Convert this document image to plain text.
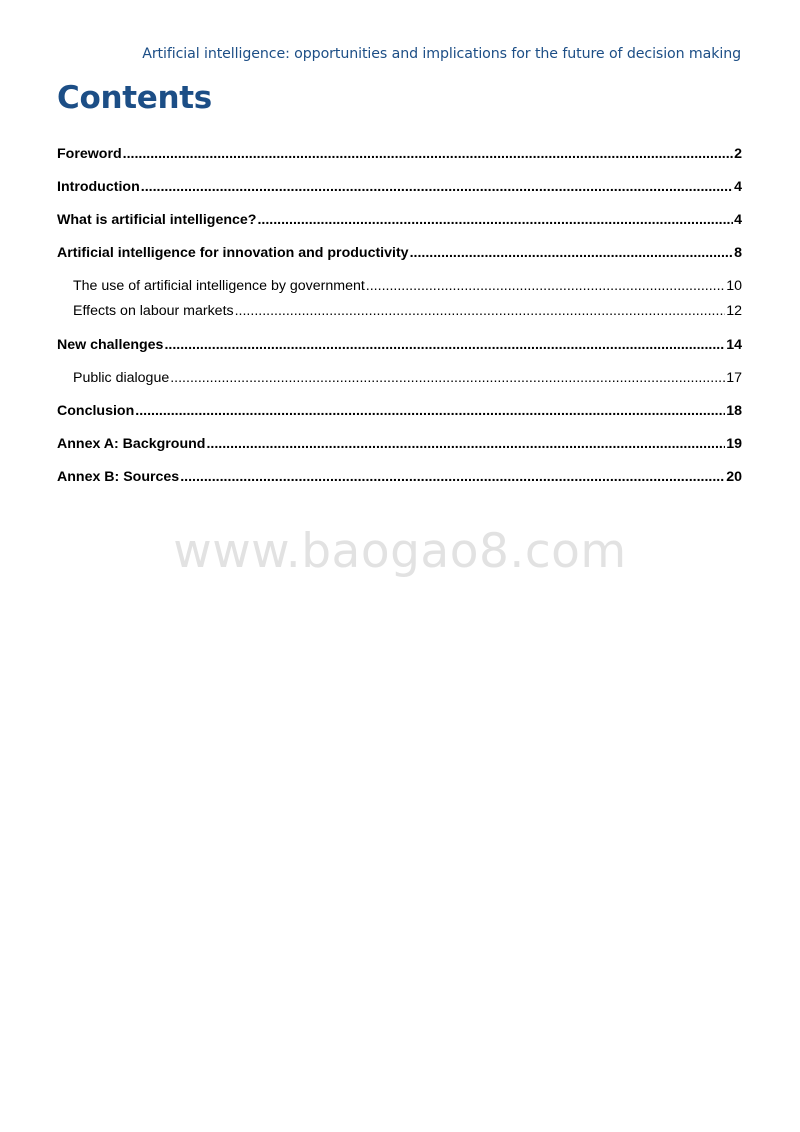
Artificial intelligence: opportunities and implications for the future of decision making
Contents
Foreword .....	2
Introduction .....	4
What is artificial intelligence? .....	4
Artificial intelligence for innovation and productivity .....	8
The use of artificial intelligence by government .....	10
Effects on labour markets .....	12
New challenges .....	14
Public dialogue .....	17
Conclusion .....	18
Annex A: Background .....	19
Annex B: Sources .....	20
www.baogao8.com
